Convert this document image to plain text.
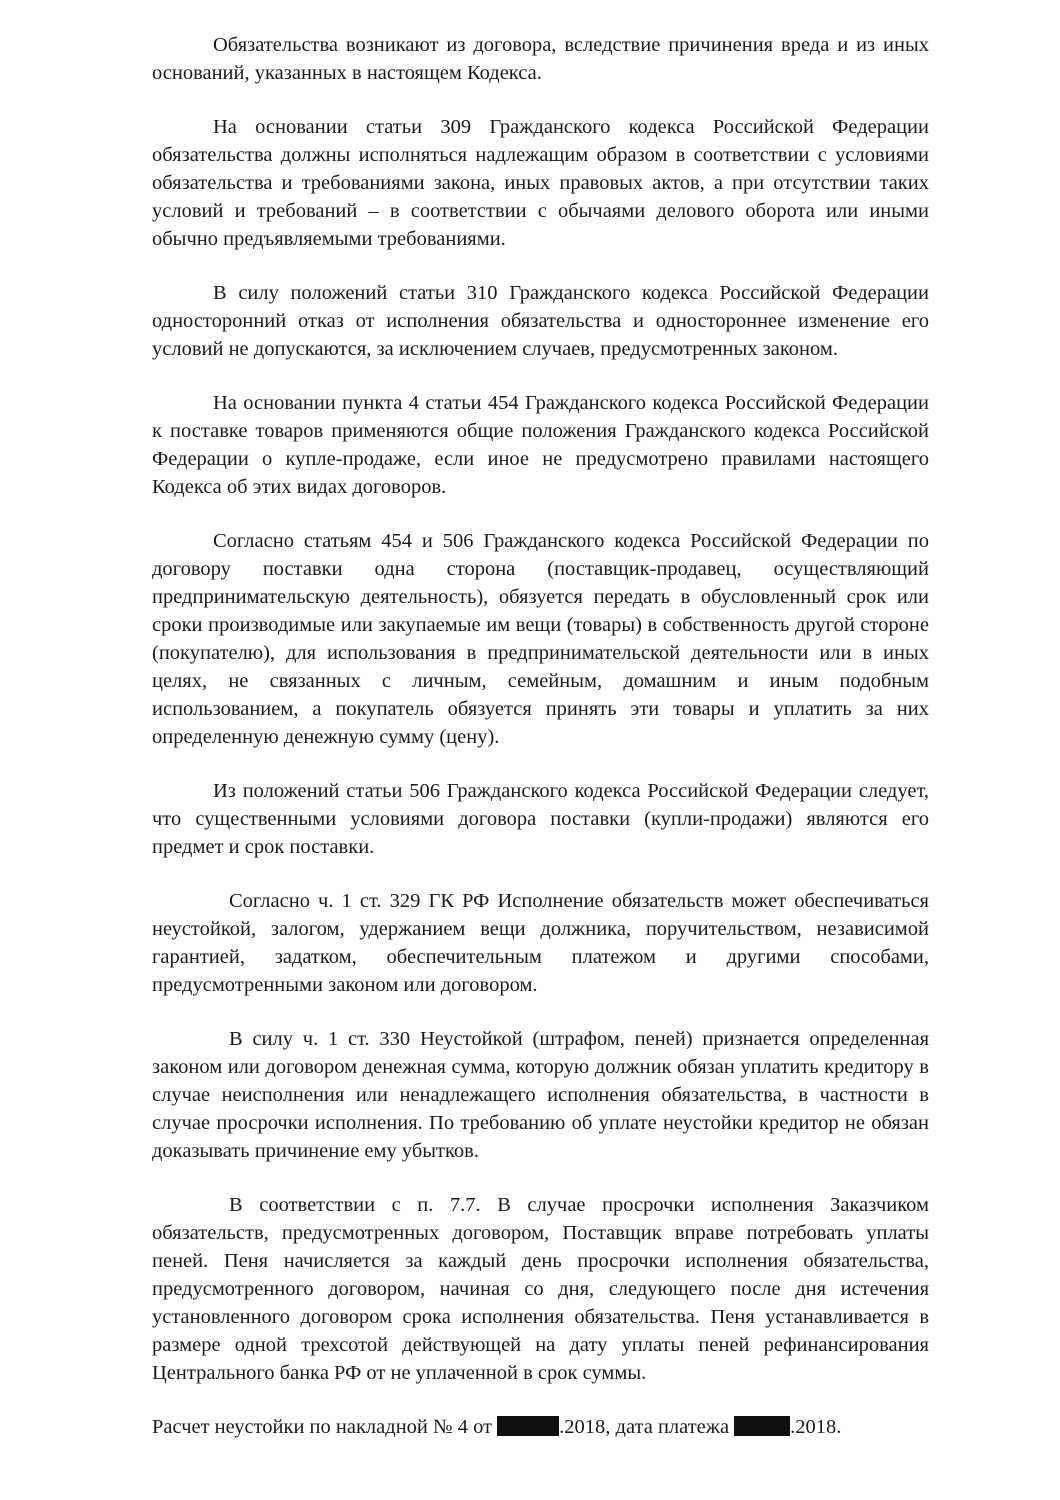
Обязательства возникают из договора, вследствие причинения вреда и из иных оснований, указанных в настоящем Кодекса.

На основании статьи 309 Гражданского кодекса Российской Федерации обязательства должны исполняться надлежащим образом в соответствии с условиями обязательства и требованиями закона, иных правовых актов, а при отсутствии таких условий и требований – в соответствии с обычаями делового оборота или иными обычно предъявляемыми требованиями.

В силу положений статьи 310 Гражданского кодекса Российской Федерации односторонний отказ от исполнения обязательства и одностороннее изменение его условий не допускаются, за исключением случаев, предусмотренных законом.

На основании пункта 4 статьи 454 Гражданского кодекса Российской Федерации к поставке товаров применяются общие положения Гражданского кодекса Российской Федерации о купле-продаже, если иное не предусмотрено правилами настоящего Кодекса об этих видах договоров.

Согласно статьям 454 и 506 Гражданского кодекса Российской Федерации по договору поставки одна сторона (поставщик-продавец, осуществляющий предпринимательскую деятельность), обязуется передать в обусловленный срок или сроки производимые или закупаемые им вещи (товары) в собственность другой стороне (покупателю), для использования в предпринимательской деятельности или в иных целях, не связанных с личным, семейным, домашним и иным подобным использованием, а покупатель обязуется принять эти товары и уплатить за них определенную денежную сумму (цену).

Из положений статьи 506 Гражданского кодекса Российской Федерации следует, что существенными условиями договора поставки (купли-продажи) являются его предмет и срок поставки.

Согласно ч. 1 ст. 329 ГК РФ Исполнение обязательств может обеспечиваться неустойкой, залогом, удержанием вещи должника, поручительством, независимой гарантией, задатком, обеспечительным платежом и другими способами, предусмотренными законом или договором.

В силу ч. 1 ст. 330 Неустойкой (штрафом, пеней) признается определенная законом или договором денежная сумма, которую должник обязан уплатить кредитору в случае неисполнения или ненадлежащего исполнения обязательства, в частности в случае просрочки исполнения. По требованию об уплате неустойки кредитор не обязан доказывать причинение ему убытков.

В соответствии с п. 7.7. В случае просрочки исполнения Заказчиком обязательств, предусмотренных договором, Поставщик вправе потребовать уплаты пеней. Пеня начисляется за каждый день просрочки исполнения обязательства, предусмотренного договором, начиная со дня, следующего после дня истечения установленного договором срока исполнения обязательства. Пеня устанавливается в размере одной трехсотой действующей на дату уплаты пеней рефинансирования Центрального банка РФ от не уплаченной в срок суммы.

Расчет неустойки по накладной № 4 от	.2018, дата платежа	.2018.
